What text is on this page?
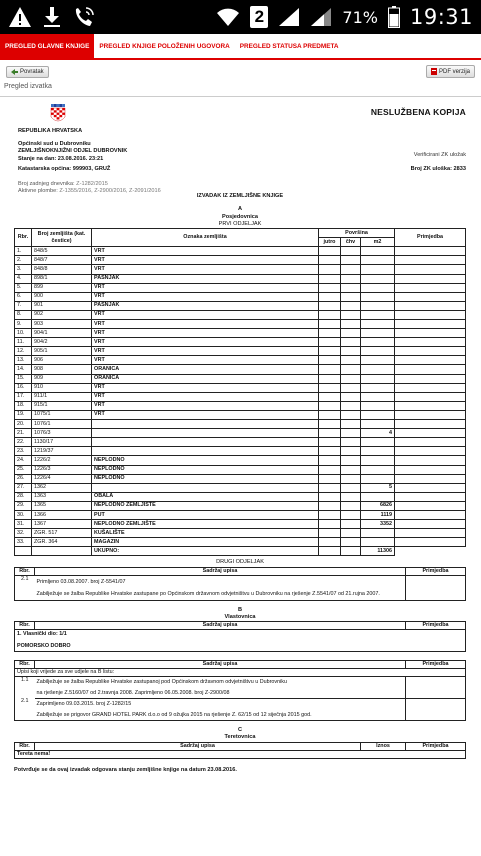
2	71% 19:31
PREGLED GLAVNE KNJIGE	PREGLED KNJIGE POLOŽENIH UGOVORA	PREGLED STATUSA PREDMETA
Povratak	PDF verzija
Pregled izvatka
NESLUŽBENA KOPIJA
REPUBLIKA HRVATSKA
Općinski sud u Dubrovniku
ZEMLJIŠNOKNJIŽNI ODJEL DUBROVNIK
Stanje na dan: 23.08.2016. 23:21
Verificirani ZK uložak
Katastarska općina: 999903, GRUŽ	Broj ZK uloška: 2833
Broj zadnjeg dnevnika: Z-1282/2015
Aktivne plombe: Z-1355/2016, Z-2900/2016, Z-2091/2016
IZVADAK IZ ZEMLJIŠNE KNJIGE
A
Posjedovnica
PRVI ODJELJAK
Rbr.	Broj zemljišta (kat. čestice)	Oznaka zemljišta	Površina			Primjedba
			jutro	čhv	m2	
1.	848/5	VRT				
2.	848/7	VRT				
3.	848/8	VRT				
4.	898/1	PAŠNJAK				
5.	899	VRT				
6.	900	VRT				
7.	901	PAŠNJAK				
8.	902	VRT				
9.	903	VRT				
10.	904/1	VRT				
11.	904/2	VRT				
12.	905/1	VRT				
13.	906	VRT				
14.	908	ORANICA				
15.	909	ORANICA				
16.	910	VRT				
17.	911/1	VRT				
18.	915/1	VRT				
19.	1075/1	VRT				
20.	1076/1					
21.	1076/3				4	
22.	1130/17					
23.	1219/37					
24.	1226/2	NEPLODNO				
25.	1226/3	NEPLODNO				
26.	1226/4	NEPLODNO				
27.	1362				5	
28.	1363	OBALA				
29.	1365	NEPLODNO ZEMLJIŠTE			6826	
30.	1366	PUT			1119	
31.	1367	NEPLODNO ZEMLJIŠTE			3352	
32.	ZGR. 517	KUŠALIŠTE				
33.	ZGR. 364	MAGAZIN				
		UKUPNO:			11306	
DRUGI ODJELJAK
Rbr.	Sadržaj upisa	Primjedba
2.1	Primljeno 03.08.2007. broj Z-5541/07
Zabilježuje se žalba Republike Hrvatske zastupane po Općinskom državnom odvjetništvu u Dubrovniku na rješenje Z.5541/07 od 21.rujna 2007.	

B
Vlastovnica
Rbr.	Sadržaj upisa	Primjedba

1. Vlasnički dio: 1/1
POMORSKO DOBRO
Rbr.	Sadržaj upisa	Primjedba
Upisi koji vrijede za sve udjele na B listu:		
1.1	Zabilježuje se žalba Republike Hrvatske zastupanoj pod Općinskom državnom odvjetništvu u Dubrovniku
na rješenje Z.5160/07 od 2.travnja 2008. Zaprimljeno 06.05.2008. broj Z-2900/08	

2.1	Zaprimljeno 09.03.2015. broj Z-1282/15
Zabilježuje se prigovor GRAND HOTEL PARK d.o.o od 9 ožujka 2015 na rješenje Z. 62/15 od 12 siječnja 2015 god.	

C
Teretovnica
Rbr.	Sadržaj upisa	Iznos	Primjedba
Tereta nema!
Potvrđuje se da ovaj izvadak odgovara stanju zemljišne knjige na datum 23.08.2016.
